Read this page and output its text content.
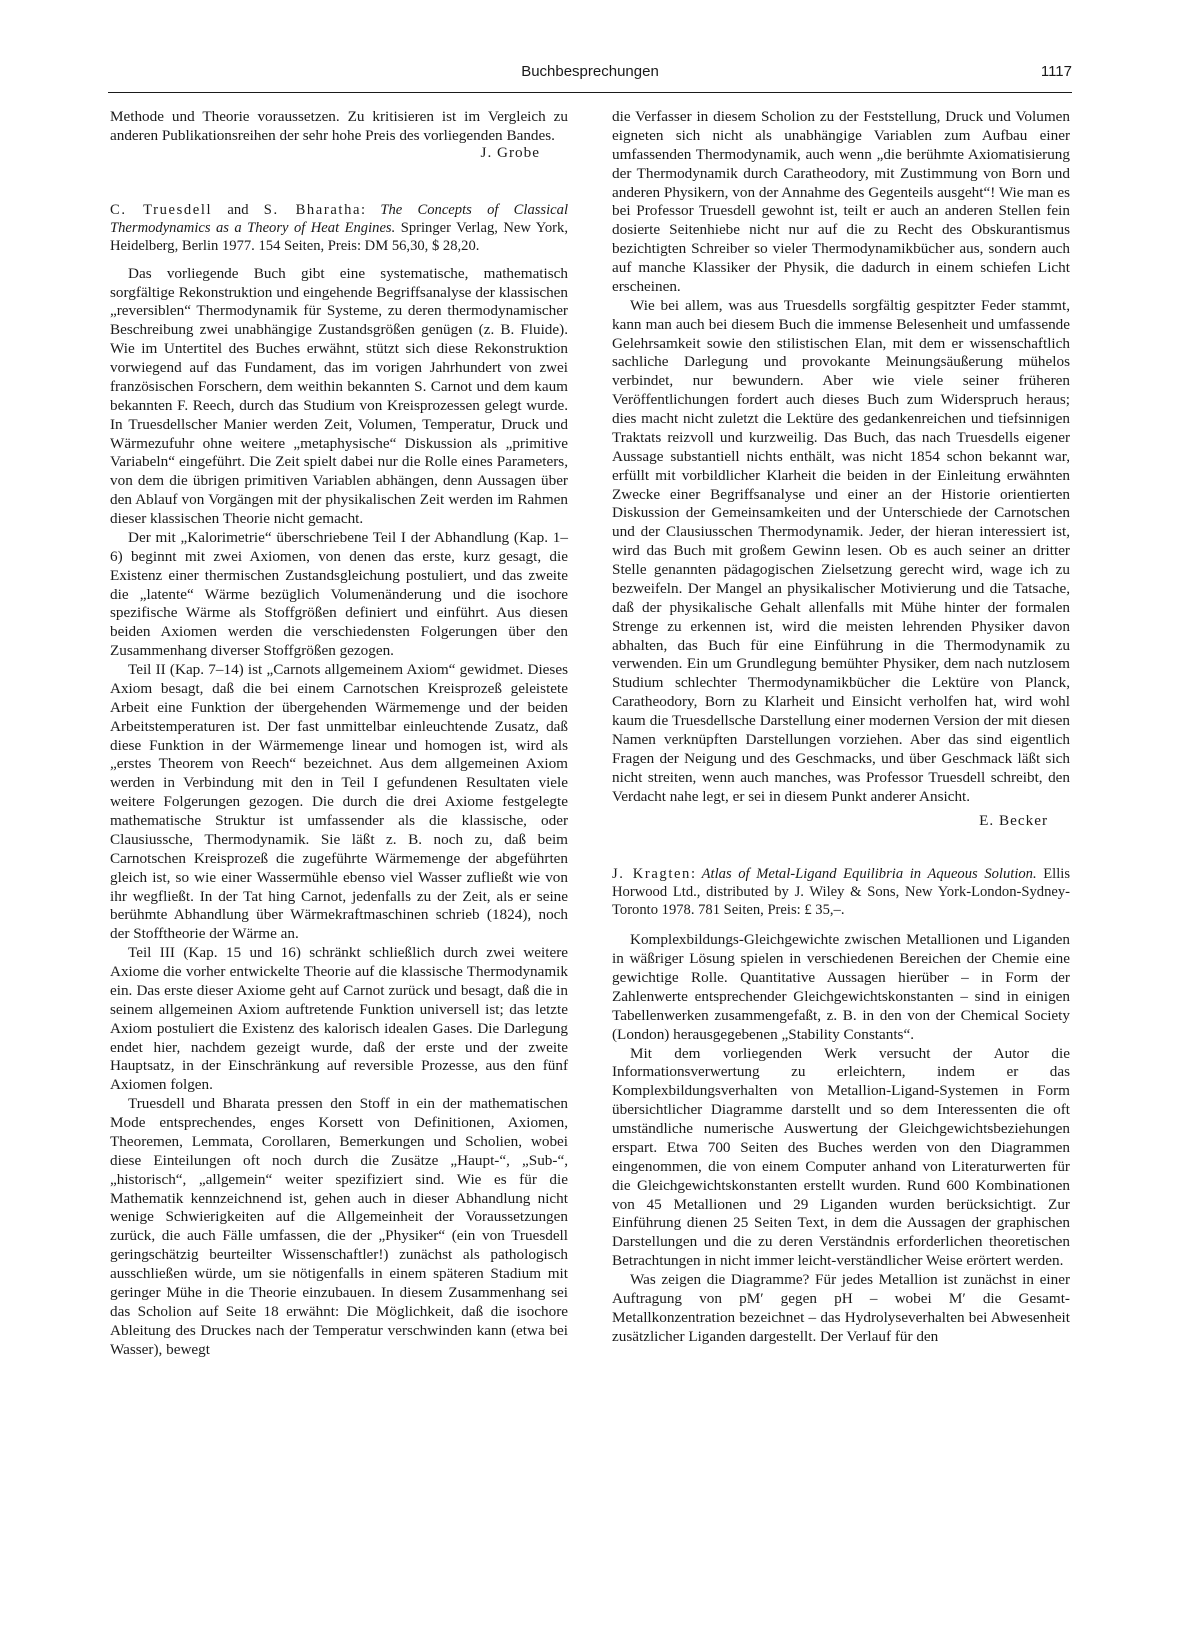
Buchbesprechungen	1117

Methode und Theorie voraussetzen. Zu kritisieren ist im Vergleich zu anderen Publikationsreihen der sehr hohe Preis des vorliegenden Bandes.

J. Grobe

C. Truesdell and S. Bharatha: The Concepts of Classical Thermodynamics as a Theory of Heat Engines. Springer Verlag, New York, Heidelberg, Berlin 1977. 154 Seiten, Preis: DM 56,30, $ 28,20.

Das vorliegende Buch gibt eine systematische, mathematisch sorgfältige Rekonstruktion und eingehende Begriffsanalyse der klassischen „reversiblen“ Thermodynamik für Systeme, zu deren thermodynamischer Beschreibung zwei unabhängige Zustandsgrößen genügen (z. B. Fluide). Wie im Untertitel des Buches erwähnt, stützt sich diese Rekonstruktion vorwiegend auf das Fundament, das im vorigen Jahrhundert von zwei französischen Forschern, dem weithin bekannten S. Carnot und dem kaum bekannten F. Reech, durch das Studium von Kreisprozessen gelegt wurde. In Truesdellscher Manier werden Zeit, Volumen, Temperatur, Druck und Wärmezufuhr ohne weitere „metaphysische“ Diskussion als „primitive Variabeln“ eingeführt. Die Zeit spielt dabei nur die Rolle eines Parameters, von dem die übrigen primitiven Variablen abhängen, denn Aussagen über den Ablauf von Vorgängen mit der physikalischen Zeit werden im Rahmen dieser klassischen Theorie nicht gemacht.

Der mit „Kalorimetrie“ überschriebene Teil I der Abhandlung (Kap. 1–6) beginnt mit zwei Axiomen, von denen das erste, kurz gesagt, die Existenz einer thermischen Zustandsgleichung postuliert, und das zweite die „latente“ Wärme bezüglich Volumenänderung und die isochore spezifische Wärme als Stoffgrößen definiert und einführt. Aus diesen beiden Axiomen werden die verschiedensten Folgerungen über den Zusammenhang diverser Stoffgrößen gezogen.

Teil II (Kap. 7–14) ist „Carnots allgemeinem Axiom“ gewidmet. Dieses Axiom besagt, daß die bei einem Carnotschen Kreisprozeß geleistete Arbeit eine Funktion der übergehenden Wärmemenge und der beiden Arbeitstemperaturen ist. Der fast unmittelbar einleuchtende Zusatz, daß diese Funktion in der Wärmemenge linear und homogen ist, wird als „erstes Theorem von Reech“ bezeichnet. Aus dem allgemeinen Axiom werden in Verbindung mit den in Teil I gefundenen Resultaten viele weitere Folgerungen gezogen. Die durch die drei Axiome festgelegte mathematische Struktur ist umfassender als die klassische, oder Clausiussche, Thermodynamik. Sie läßt z. B. noch zu, daß beim Carnotschen Kreisprozeß die zugeführte Wärmemenge der abgeführten gleich ist, so wie einer Wassermühle ebenso viel Wasser zufließt wie von ihr wegfließt. In der Tat hing Carnot, jedenfalls zu der Zeit, als er seine berühmte Abhandlung über Wärmekraftmaschinen schrieb (1824), noch der Stofftheorie der Wärme an.

Teil III (Kap. 15 und 16) schränkt schließlich durch zwei weitere Axiome die vorher entwickelte Theorie auf die klassische Thermodynamik ein. Das erste dieser Axiome geht auf Carnot zurück und besagt, daß die in seinem allgemeinen Axiom auftretende Funktion universell ist; das letzte Axiom postuliert die Existenz des kalorisch idealen Gases. Die Darlegung endet hier, nachdem gezeigt wurde, daß der erste und der zweite Hauptsatz, in der Einschränkung auf reversible Prozesse, aus den fünf Axiomen folgen.

Truesdell und Bharata pressen den Stoff in ein der mathematischen Mode entsprechendes, enges Korsett von Definitionen, Axiomen, Theoremen, Lemmata, Corollaren, Bemerkungen und Scholien, wobei diese Einteilungen oft noch durch die Zusätze „Haupt-“, „Sub-“, „historisch“, „allgemein“ weiter spezifiziert sind. Wie es für die Mathematik kennzeichnend ist, gehen auch in dieser Abhandlung nicht wenige Schwierigkeiten auf die Allgemeinheit der Voraussetzungen zurück, die auch Fälle umfassen, die der „Physiker“ (ein von Truesdell geringschätzig beurteilter Wissenschaftler!) zunächst als pathologisch ausschließen würde, um sie nötigenfalls in einem späteren Stadium mit geringer Mühe in die Theorie einzubauen. In diesem Zusammenhang sei das Scholion auf Seite 18 erwähnt: Die Möglichkeit, daß die isochore Ableitung des Druckes nach der Temperatur verschwinden kann (etwa bei Wasser), bewegt

die Verfasser in diesem Scholion zu der Feststellung, Druck und Volumen eigneten sich nicht als unabhängige Variablen zum Aufbau einer umfassenden Thermodynamik, auch wenn „die berühmte Axiomatisierung der Thermodynamik durch Caratheodory, mit Zustimmung von Born und anderen Physikern, von der Annahme des Gegenteils ausgeht“! Wie man es bei Professor Truesdell gewohnt ist, teilt er auch an anderen Stellen fein dosierte Seitenhiebe nicht nur auf die zu Recht des Obskurantismus bezichtigten Schreiber so vieler Thermodynamikbücher aus, sondern auch auf manche Klassiker der Physik, die dadurch in einem schiefen Licht erscheinen.

Wie bei allem, was aus Truesdells sorgfältig gespitzter Feder stammt, kann man auch bei diesem Buch die immense Belesenheit und umfassende Gelehrsamkeit sowie den stilistischen Elan, mit dem er wissenschaftlich sachliche Darlegung und provokante Meinungsäußerung mühelos verbindet, nur bewundern. Aber wie viele seiner früheren Veröffentlichungen fordert auch dieses Buch zum Widerspruch heraus; dies macht nicht zuletzt die Lektüre des gedankenreichen und tiefsinnigen Traktats reizvoll und kurzweilig. Das Buch, das nach Truesdells eigener Aussage substantiell nichts enthält, was nicht 1854 schon bekannt war, erfüllt mit vorbildlicher Klarheit die beiden in der Einleitung erwähnten Zwecke einer Begriffsanalyse und einer an der Historie orientierten Diskussion der Gemeinsamkeiten und der Unterschiede der Carnotschen und der Clausiusschen Thermodynamik. Jeder, der hieran interessiert ist, wird das Buch mit großem Gewinn lesen. Ob es auch seiner an dritter Stelle genannten pädagogischen Zielsetzung gerecht wird, wage ich zu bezweifeln. Der Mangel an physikalischer Motivierung und die Tatsache, daß der physikalische Gehalt allenfalls mit Mühe hinter der formalen Strenge zu erkennen ist, wird die meisten lehrenden Physiker davon abhalten, das Buch für eine Einführung in die Thermodynamik zu verwenden. Ein um Grundlegung bemühter Physiker, dem nach nutzlosem Studium schlechter Thermodynamikbücher die Lektüre von Planck, Caratheodory, Born zu Klarheit und Einsicht verholfen hat, wird wohl kaum die Truesdellsche Darstellung einer modernen Version der mit diesen Namen verknüpften Darstellungen vorziehen. Aber das sind eigentlich Fragen der Neigung und des Geschmacks, und über Geschmack läßt sich nicht streiten, wenn auch manches, was Professor Truesdell schreibt, den Verdacht nahe legt, er sei in diesem Punkt anderer Ansicht.

E. Becker

J. Kragten: Atlas of Metal-Ligand Equilibria in Aqueous Solution. Ellis Horwood Ltd., distributed by J. Wiley & Sons, New York-London-Sydney-Toronto 1978. 781 Seiten, Preis: £ 35,–.

Komplexbildungs-Gleichgewichte zwischen Metallionen und Liganden in wäßriger Lösung spielen in verschiedenen Bereichen der Chemie eine gewichtige Rolle. Quantitative Aussagen hierüber – in Form der Zahlenwerte entsprechender Gleichgewichtskonstanten – sind in einigen Tabellenwerken zusammengefaßt, z. B. in den von der Chemical Society (London) herausgegebenen „Stability Constants“.

Mit dem vorliegenden Werk versucht der Autor die Informationsverwertung zu erleichtern, indem er das Komplexbildungsverhalten von Metallion-Ligand-Systemen in Form übersichtlicher Diagramme darstellt und so dem Interessenten die oft umständliche numerische Auswertung der Gleichgewichtsbeziehungen erspart. Etwa 700 Seiten des Buches werden von den Diagrammen eingenommen, die von einem Computer anhand von Literaturwerten für die Gleichgewichtskonstanten erstellt wurden. Rund 600 Kombinationen von 45 Metallionen und 29 Liganden wurden berücksichtigt. Zur Einführung dienen 25 Seiten Text, in dem die Aussagen der graphischen Darstellungen und die zu deren Verständnis erforderlichen theoretischen Betrachtungen in nicht immer leicht-verständlicher Weise erörtert werden.

Was zeigen die Diagramme? Für jedes Metallion ist zunächst in einer Auftragung von pM′ gegen pH – wobei M′ die Gesamt-Metallkonzentration bezeichnet – das Hydrolyseverhalten bei Abwesenheit zusätzlicher Liganden dargestellt. Der Verlauf für den
